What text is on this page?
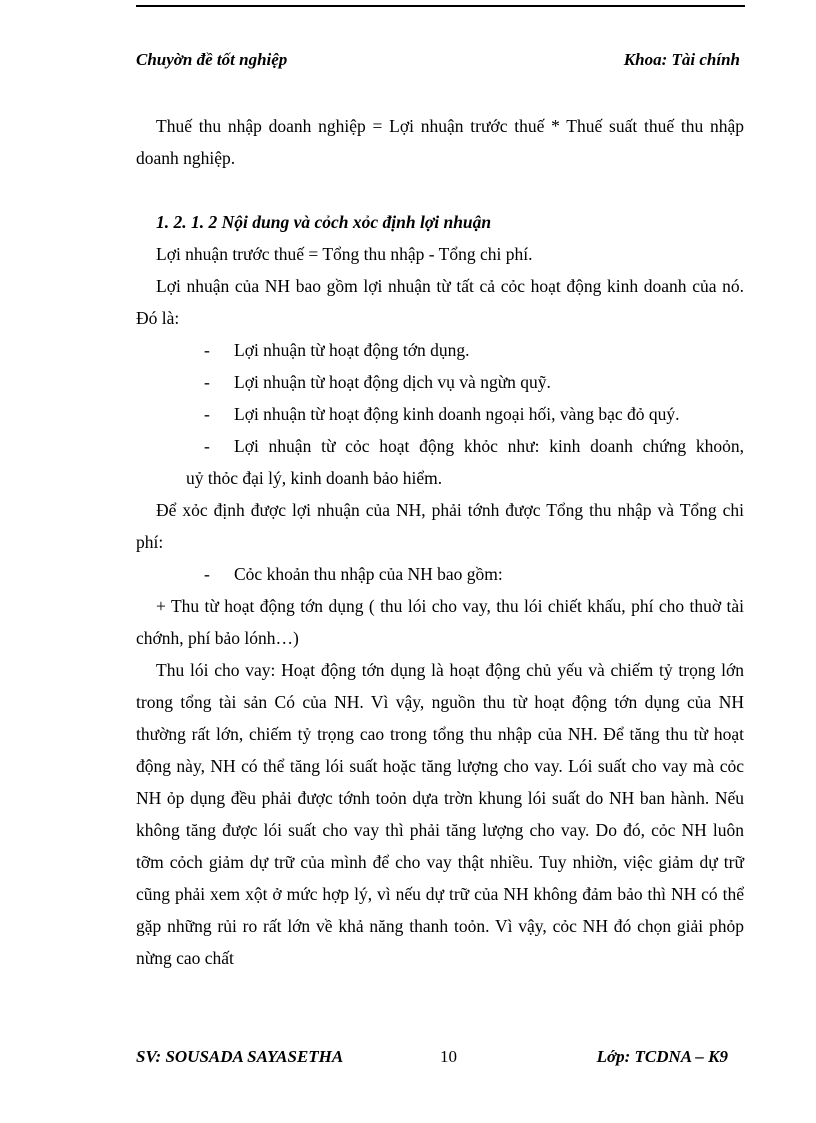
Chuyờn đề tốt nghiệp	Khoa: Tài chính

Thuế thu nhập doanh nghiệp = Lợi nhuận trước thuế * Thuế suất thuế thu nhập doanh nghiệp.

1. 2. 1. 2 Nội dung và cỏch xỏc định lợi nhuận

Lợi nhuận trước thuế = Tổng thu nhập - Tổng chi phí.

Lợi nhuận của NH bao gồm lợi nhuận từ tất cả cỏc hoạt động kinh doanh của nó. Đó là:

- Lợi nhuận từ hoạt động tớn dụng.

- Lợi nhuận từ hoạt động dịch vụ và ngừn quỹ.

- Lợi nhuận từ hoạt động kinh doanh ngoại hối, vàng bạc đỏ quý.

- Lợi nhuận từ cỏc hoạt động khỏc như: kinh doanh chứng khoỏn,

uỷ thỏc đại lý, kinh doanh bảo hiểm.

Để xỏc định được lợi nhuận của NH, phải tớnh được Tổng thu nhập và Tổng chi phí:

- Cỏc khoản thu nhập của NH bao gồm:

+ Thu từ hoạt động tớn dụng ( thu lói cho vay, thu lói chiết khấu, phí cho thuờ tài chớnh, phí bảo lónh…)

Thu lói cho vay: Hoạt động tớn dụng là hoạt động chủ yếu và chiếm tỷ trọng lớn trong tổng tài sản Có của NH. Vì vậy, nguồn thu từ hoạt động tớn dụng của NH thường rất lớn, chiếm tỷ trọng cao trong tổng thu nhập của NH. Để tăng thu từ hoạt động này, NH có thể tăng lói suất hoặc tăng lượng cho vay. Lói suất cho vay mà cỏc NH ỏp dụng đều phải được tớnh toỏn dựa trờn khung lói suất do NH ban hành. Nếu không tăng được lói suất cho vay thì phải tăng lượng cho vay. Do đó, cỏc NH luôn tỡm cỏch giảm dự trữ của mình để cho vay thật nhiều. Tuy nhiờn, việc giảm dự trữ cũng phải xem xột ở mức hợp lý, vì nếu dự trữ của NH không đảm bảo thì NH có thể gặp những rủi ro rất lớn về khả năng thanh toỏn. Vì vậy, cỏc NH đó chọn giải phỏp nừng cao chất

SV: SOUSADA SAYASETHA	10	Lớp: TCDNA – K9
